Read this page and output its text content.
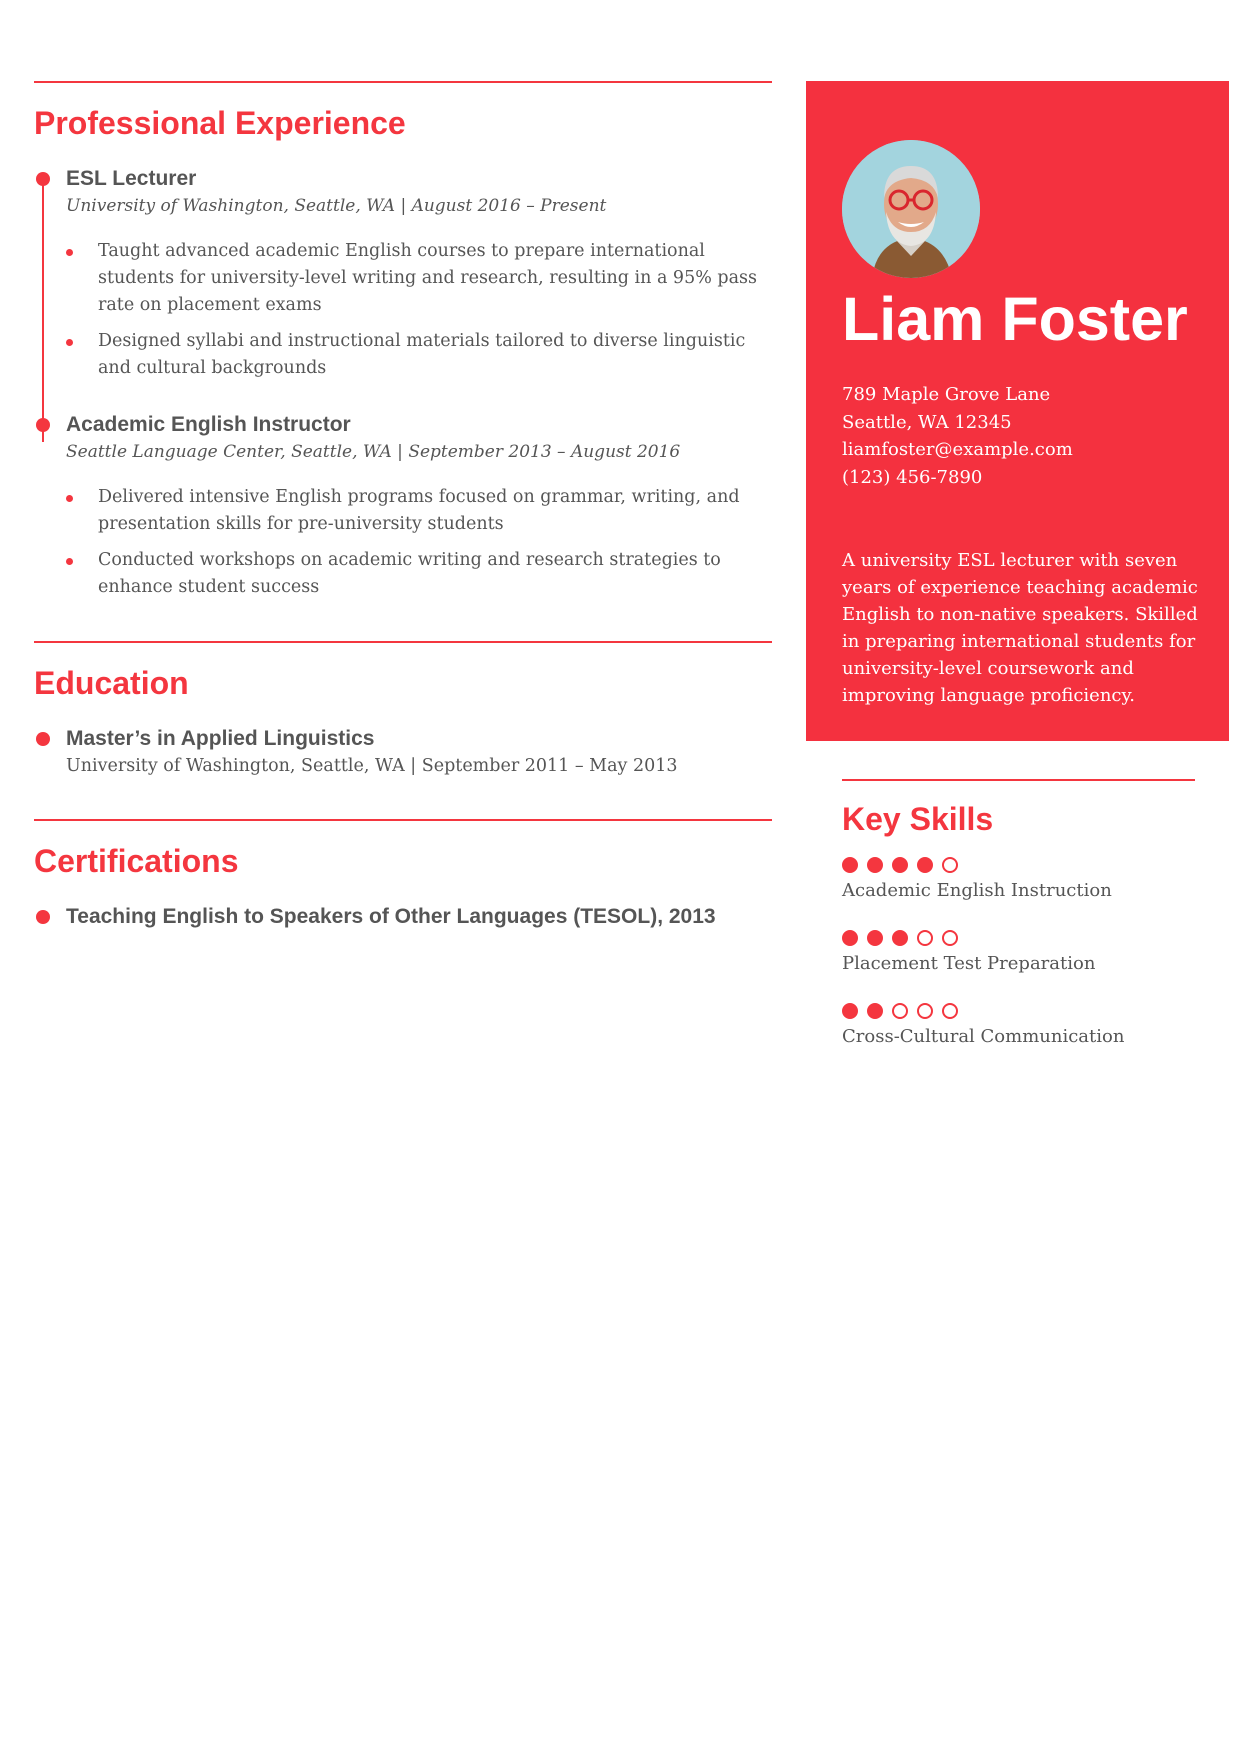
Professional Experience
ESL Lecturer
University of Washington, Seattle, WA | August 2016 – Present
Taught advanced academic English courses to prepare international students for university-level writing and research, resulting in a 95% pass rate on placement exams
Designed syllabi and instructional materials tailored to diverse linguistic and cultural backgrounds
Academic English Instructor
Seattle Language Center, Seattle, WA | September 2013 – August 2016
Delivered intensive English programs focused on grammar, writing, and presentation skills for pre-university students
Conducted workshops on academic writing and research strategies to enhance student success
Education
Master’s in Applied Linguistics
University of Washington, Seattle, WA | September 2011 – May 2013
Certifications
Teaching English to Speakers of Other Languages (TESOL), 2013
Liam Foster
789 Maple Grove Lane
Seattle, WA 12345
liamfoster@example.com
(123) 456-7890
A university ESL lecturer with seven years of experience teaching academic English to non-native speakers. Skilled in preparing international students for university-level coursework and improving language proficiency.
Key Skills
Academic English Instruction
Placement Test Preparation
Cross-Cultural Communication
